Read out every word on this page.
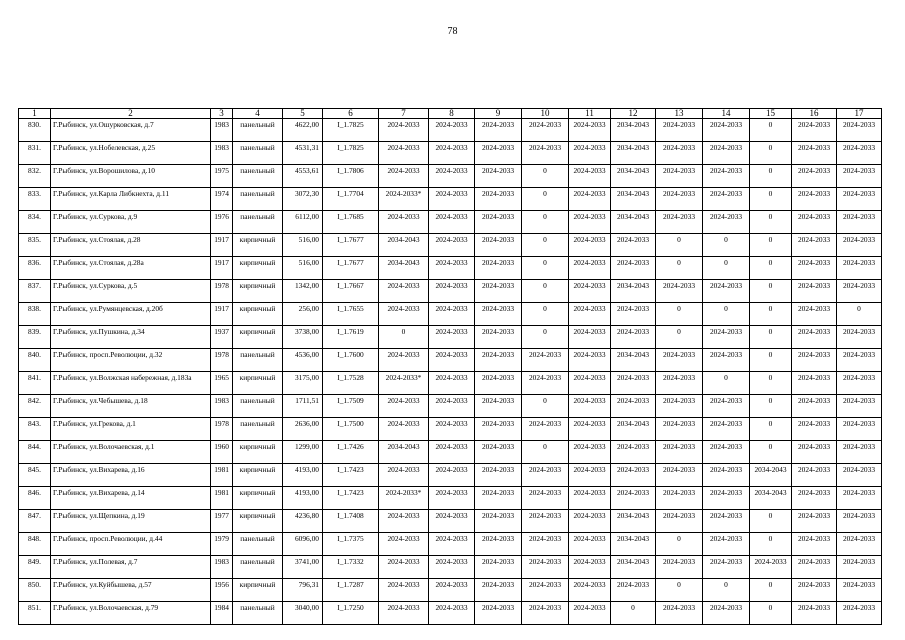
78
1	2	3	4	5	6	7	8	9	10	11	12	13	14	15	16	17
830.	Г.Рыбинск, ул.Ошурковская, д.7	1983	панельный	4622,00	I_1.7825	2024-2033	2024-2033	2024-2033	2024-2033	2024-2033	2034-2043	2024-2033	2024-2033	0	2024-2033	2024-2033
831.	Г.Рыбинск, ул.Нобелевская, д.25	1983	панельный	4531,31	I_1.7825	2024-2033	2024-2033	2024-2033	2024-2033	2024-2033	2034-2043	2024-2033	2024-2033	0	2024-2033	2024-2033
832.	Г.Рыбинск, ул.Ворошилова, д.10	1975	панельный	4553,61	I_1.7806	2024-2033	2024-2033	2024-2033	0	2024-2033	2034-2043	2024-2033	2024-2033	0	2024-2033	2024-2033
833.	Г.Рыбинск, ул.Карла Либкнехта, д.11	1974	панельный	3072,30	I_1.7704	2024-2033*	2024-2033	2024-2033	0	2024-2033	2034-2043	2024-2033	2024-2033	0	2024-2033	2024-2033
834.	Г.Рыбинск, ул.Суркова, д.9	1976	панельный	6112,00	I_1.7685	2024-2033	2024-2033	2024-2033	0	2024-2033	2034-2043	2024-2033	2024-2033	0	2024-2033	2024-2033
835.	Г.Рыбинск, ул.Стоялая, д.28	1917	кирпичный	516,00	I_1.7677	2034-2043	2024-2033	2024-2033	0	2024-2033	2024-2033	0	0	0	2024-2033	2024-2033
836.	Г.Рыбинск, ул.Стоялая, д.28а	1917	кирпичный	516,00	I_1.7677	2034-2043	2024-2033	2024-2033	0	2024-2033	2024-2033	0	0	0	2024-2033	2024-2033
837.	Г.Рыбинск, ул.Суркова, д.5	1978	кирпичный	1342,00	I_1.7667	2024-2033	2024-2033	2024-2033	0	2024-2033	2034-2043	2024-2033	2024-2033	0	2024-2033	2024-2033
838.	Г.Рыбинск, ул.Румянцевская, д.20б	1917	кирпичный	256,00	I_1.7655	2024-2033	2024-2033	2024-2033	0	2024-2033	2024-2033	0	0	0	2024-2033	0
839.	Г.Рыбинск, ул.Пушкина, д.34	1937	кирпичный	3738,00	I_1.7619	0	2024-2033	2024-2033	0	2024-2033	2024-2033	0	2024-2033	0	2024-2033	2024-2033
840.	Г.Рыбинск, просп.Революции, д.32	1978	панельный	4536,00	I_1.7600	2024-2033	2024-2033	2024-2033	2024-2033	2024-2033	2034-2043	2024-2033	2024-2033	0	2024-2033	2024-2033
841.	Г.Рыбинск, ул.Волжская набережная, д.183а	1965	кирпичный	3175,00	I_1.7528	2024-2033*	2024-2033	2024-2033	2024-2033	2024-2033	2024-2033	2024-2033	0	0	2024-2033	2024-2033
842.	Г.Рыбинск, ул.Чебышева, д.18	1983	панельный	1711,51	I_1.7509	2024-2033	2024-2033	2024-2033	0	2024-2033	2024-2033	2024-2033	2024-2033	0	2024-2033	2024-2033
843.	Г.Рыбинск, ул.Грекова, д.1	1978	панельный	2636,00	I_1.7500	2024-2033	2024-2033	2024-2033	2024-2033	2024-2033	2034-2043	2024-2033	2024-2033	0	2024-2033	2024-2033
844.	Г.Рыбинск, ул.Волочаевская, д.1	1960	кирпичный	1299,00	I_1.7426	2034-2043	2024-2033	2024-2033	0	2024-2033	2024-2033	2024-2033	2024-2033	0	2024-2033	2024-2033
845.	Г.Рыбинск, ул.Вихарева, д.16	1981	кирпичный	4193,00	I_1.7423	2024-2033	2024-2033	2024-2033	2024-2033	2024-2033	2024-2033	2024-2033	2024-2033	2034-2043	2024-2033	2024-2033
846.	Г.Рыбинск, ул.Вихарева, д.14	1981	кирпичный	4193,00	I_1.7423	2024-2033*	2024-2033	2024-2033	2024-2033	2024-2033	2024-2033	2024-2033	2024-2033	2034-2043	2024-2033	2024-2033
847.	Г.Рыбинск, ул.Щепкина, д.19	1977	кирпичный	4236,80	I_1.7408	2024-2033	2024-2033	2024-2033	2024-2033	2024-2033	2034-2043	2024-2033	2024-2033	0	2024-2033	2024-2033
848.	Г.Рыбинск, просп.Революции, д.44	1979	панельный	6096,00	I_1.7375	2024-2033	2024-2033	2024-2033	2024-2033	2024-2033	2034-2043	0	2024-2033	0	2024-2033	2024-2033
849.	Г.Рыбинск, ул.Полевая, д.7	1983	панельный	3741,00	I_1.7332	2024-2033	2024-2033	2024-2033	2024-2033	2024-2033	2034-2043	2024-2033	2024-2033	2024-2033	2024-2033	2024-2033
850.	Г.Рыбинск, ул.Куйбышева, д.57	1956	кирпичный	796,31	I_1.7287	2024-2033	2024-2033	2024-2033	2024-2033	2024-2033	2024-2033	0	0	0	2024-2033	2024-2033
851.	Г.Рыбинск, ул.Волочаевская, д.79	1984	панельный	3040,00	I_1.7250	2024-2033	2024-2033	2024-2033	2024-2033	2024-2033	0	2024-2033	2024-2033	0	2024-2033	2024-2033
